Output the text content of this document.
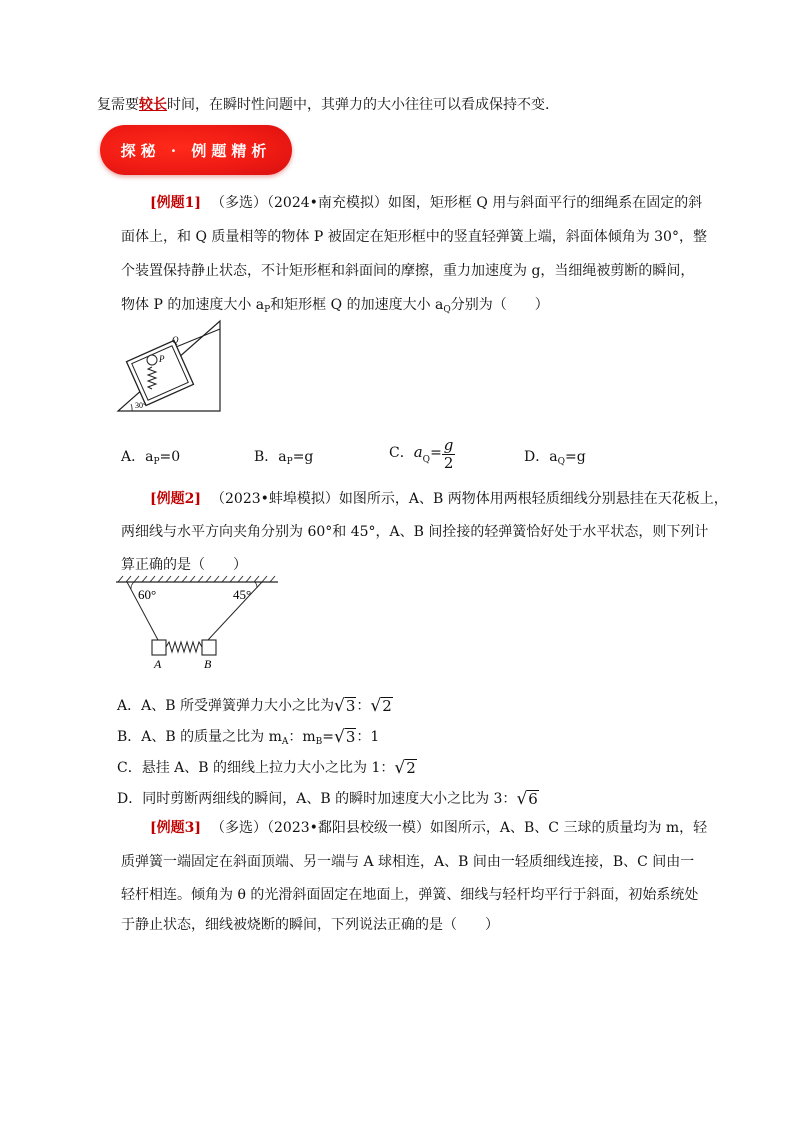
复需要较长时间，在瞬时性问题中，其弹力的大小往往可以看成保持不变.
探秘 · 例题精析
[例题1] （多选）（2024•南充模拟）如图，矩形框 Q 用与斜面平行的细绳系在固定的斜
面体上，和 Q 质量相等的物体 P 被固定在矩形框中的竖直轻弹簧上端，斜面体倾角为 30°，整
个装置保持静止状态，不计矩形框和斜面间的摩擦，重力加速度为 g，当细绳被剪断的瞬间，
物体 P 的加速度大小 $a_P$和矩形框 Q 的加速度大小 $a_Q$分别为（　　）
P
Q
30°
A．$a_P=0$	B．$a_P=g$	C．$a_Q= \frac{g}{2}$	D．$a_Q=g$
[例题2] （2023•蚌埠模拟）如图所示，A、B 两物体用两根轻质细线分别悬挂在天花板上，
两细线与水平方向夹角分别为 60°和 45°，A、B 间拴接的轻弹簧恰好处于水平状态，则下列计
算正确的是（　　）
60°	45°
A	B
A．A、B 所受弹簧弹力大小之比为 √ 3 ： √ 2
B．A、B 的质量之比为 $m_A$：$m_B=$ √ 3 ：1
C．悬挂 A、B 的细线上拉力大小之比为 1： √ 2
D．同时剪断两细线的瞬间，A、B 的瞬时加速度大小之比为 3： √ 6
[例题3] （多选）（2023•鄱阳县校级一模）如图所示，A、B、C 三球的质量均为 m，轻
质弹簧一端固定在斜面顶端、另一端与 A 球相连，A、B 间由一轻质细线连接，B、C 间由一
轻杆相连。倾角为 θ 的光滑斜面固定在地面上，弹簧、细线与轻杆均平行于斜面，初始系统处
于静止状态，细线被烧断的瞬间，下列说法正确的是（　　）
